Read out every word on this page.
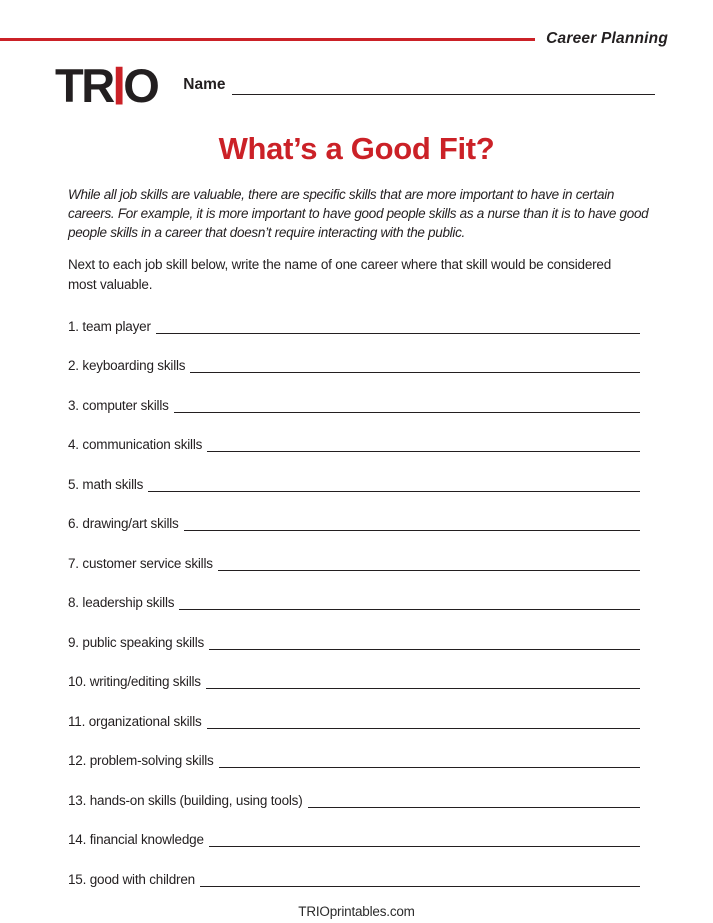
Career Planning
TRIO Name
What’s a Good Fit?
While all job skills are valuable, there are specific skills that are more important to have in certain
careers. For example, it is more important to have good people skills as a nurse than it is to have good
people skills in a career that doesn’t require interacting with the public.
Next to each job skill below, write the name of one career where that skill would be considered
most valuable.
1. team player
2. keyboarding skills
3. computer skills
4. communication skills
5. math skills
6. drawing/art skills
7. customer service skills
8. leadership skills
9. public speaking skills
10. writing/editing skills
11. organizational skills
12. problem-solving skills
13. hands-on skills (building, using tools)
14. financial knowledge
15. good with children
TRIOprintables.com
